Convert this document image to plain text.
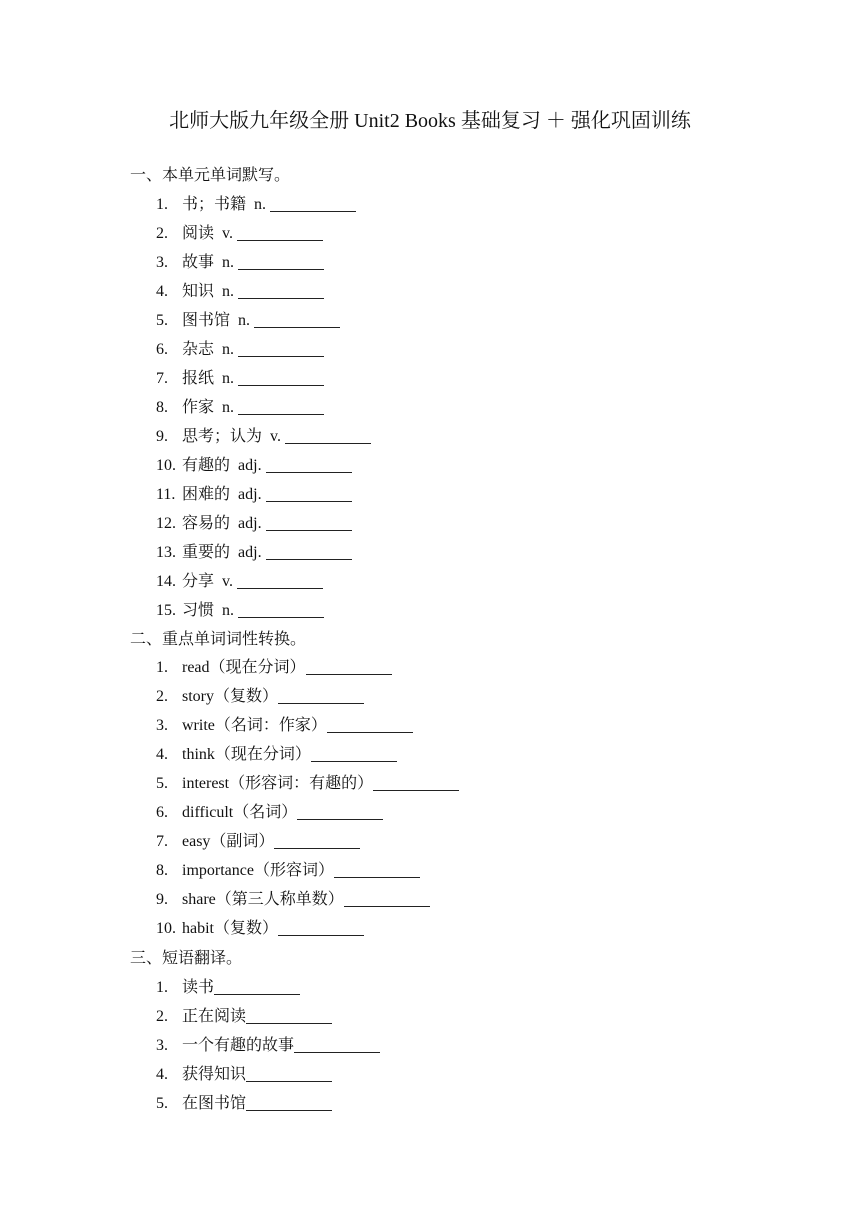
北师大版九年级全册 Unit2 Books 基础复习 ＋ 强化巩固训练
一、本单元单词默写。
1. 书；书籍 n.
2. 阅读 v.
3. 故事 n.
4. 知识 n.
5. 图书馆 n.
6. 杂志 n.
7. 报纸 n.
8. 作家 n.
9. 思考；认为 v.
10. 有趣的 adj.
11. 困难的 adj.
12. 容易的 adj.
13. 重要的 adj.
14. 分享 v.
15. 习惯 n.
二、重点单词词性转换。
1. read（现在分词）
2. story（复数）
3. write（名词：作家）
4. think（现在分词）
5. interest（形容词：有趣的）
6. difficult（名词）
7. easy（副词）
8. importance（形容词）
9. share（第三人称单数）
10. habit（复数）
三、短语翻译。
1. 读书
2. 正在阅读
3. 一个有趣的故事
4. 获得知识
5. 在图书馆
